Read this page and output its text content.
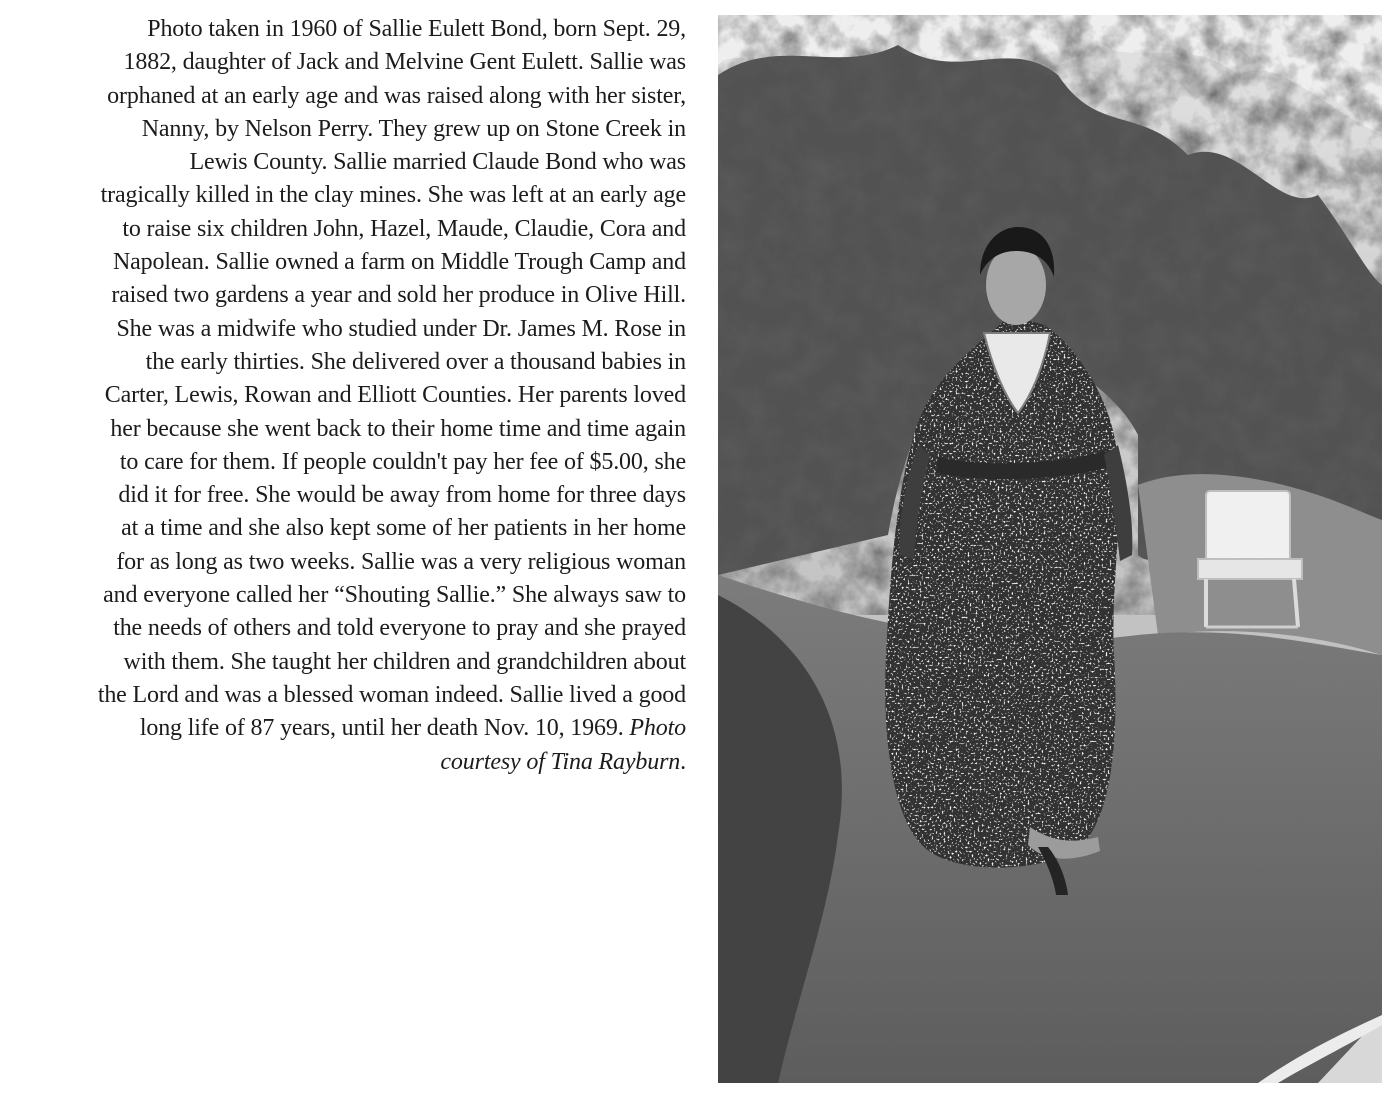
Photo taken in 1960 of Sallie Eulett Bond, born Sept. 29,
1882, daughter of Jack and Melvine Gent Eulett. Sallie was
orphaned at an early age and was raised along with her sister,
Nanny, by Nelson Perry. They grew up on Stone Creek in
Lewis County. Sallie married Claude Bond who was
tragically killed in the clay mines. She was left at an early age
to raise six children John, Hazel, Maude, Claudie, Cora and
Napolean. Sallie owned a farm on Middle Trough Camp and
raised two gardens a year and sold her produce in Olive Hill.
She was a midwife who studied under Dr. James M. Rose in
the early thirties. She delivered over a thousand babies in
Carter, Lewis, Rowan and Elliott Counties. Her parents loved
her because she went back to their home time and time again
to care for them. If people couldn't pay her fee of $5.00, she
did it for free. She would be away from home for three days
at a time and she also kept some of her patients in her home
for as long as two weeks. Sallie was a very religious woman
and everyone called her “Shouting Sallie.” She always saw to
the needs of others and told everyone to pray and she prayed
with them. She taught her children and grandchildren about
the Lord and was a blessed woman indeed. Sallie lived a good
long life of 87 years, until her death Nov. 10, 1969. Photo
courtesy of Tina Rayburn.
